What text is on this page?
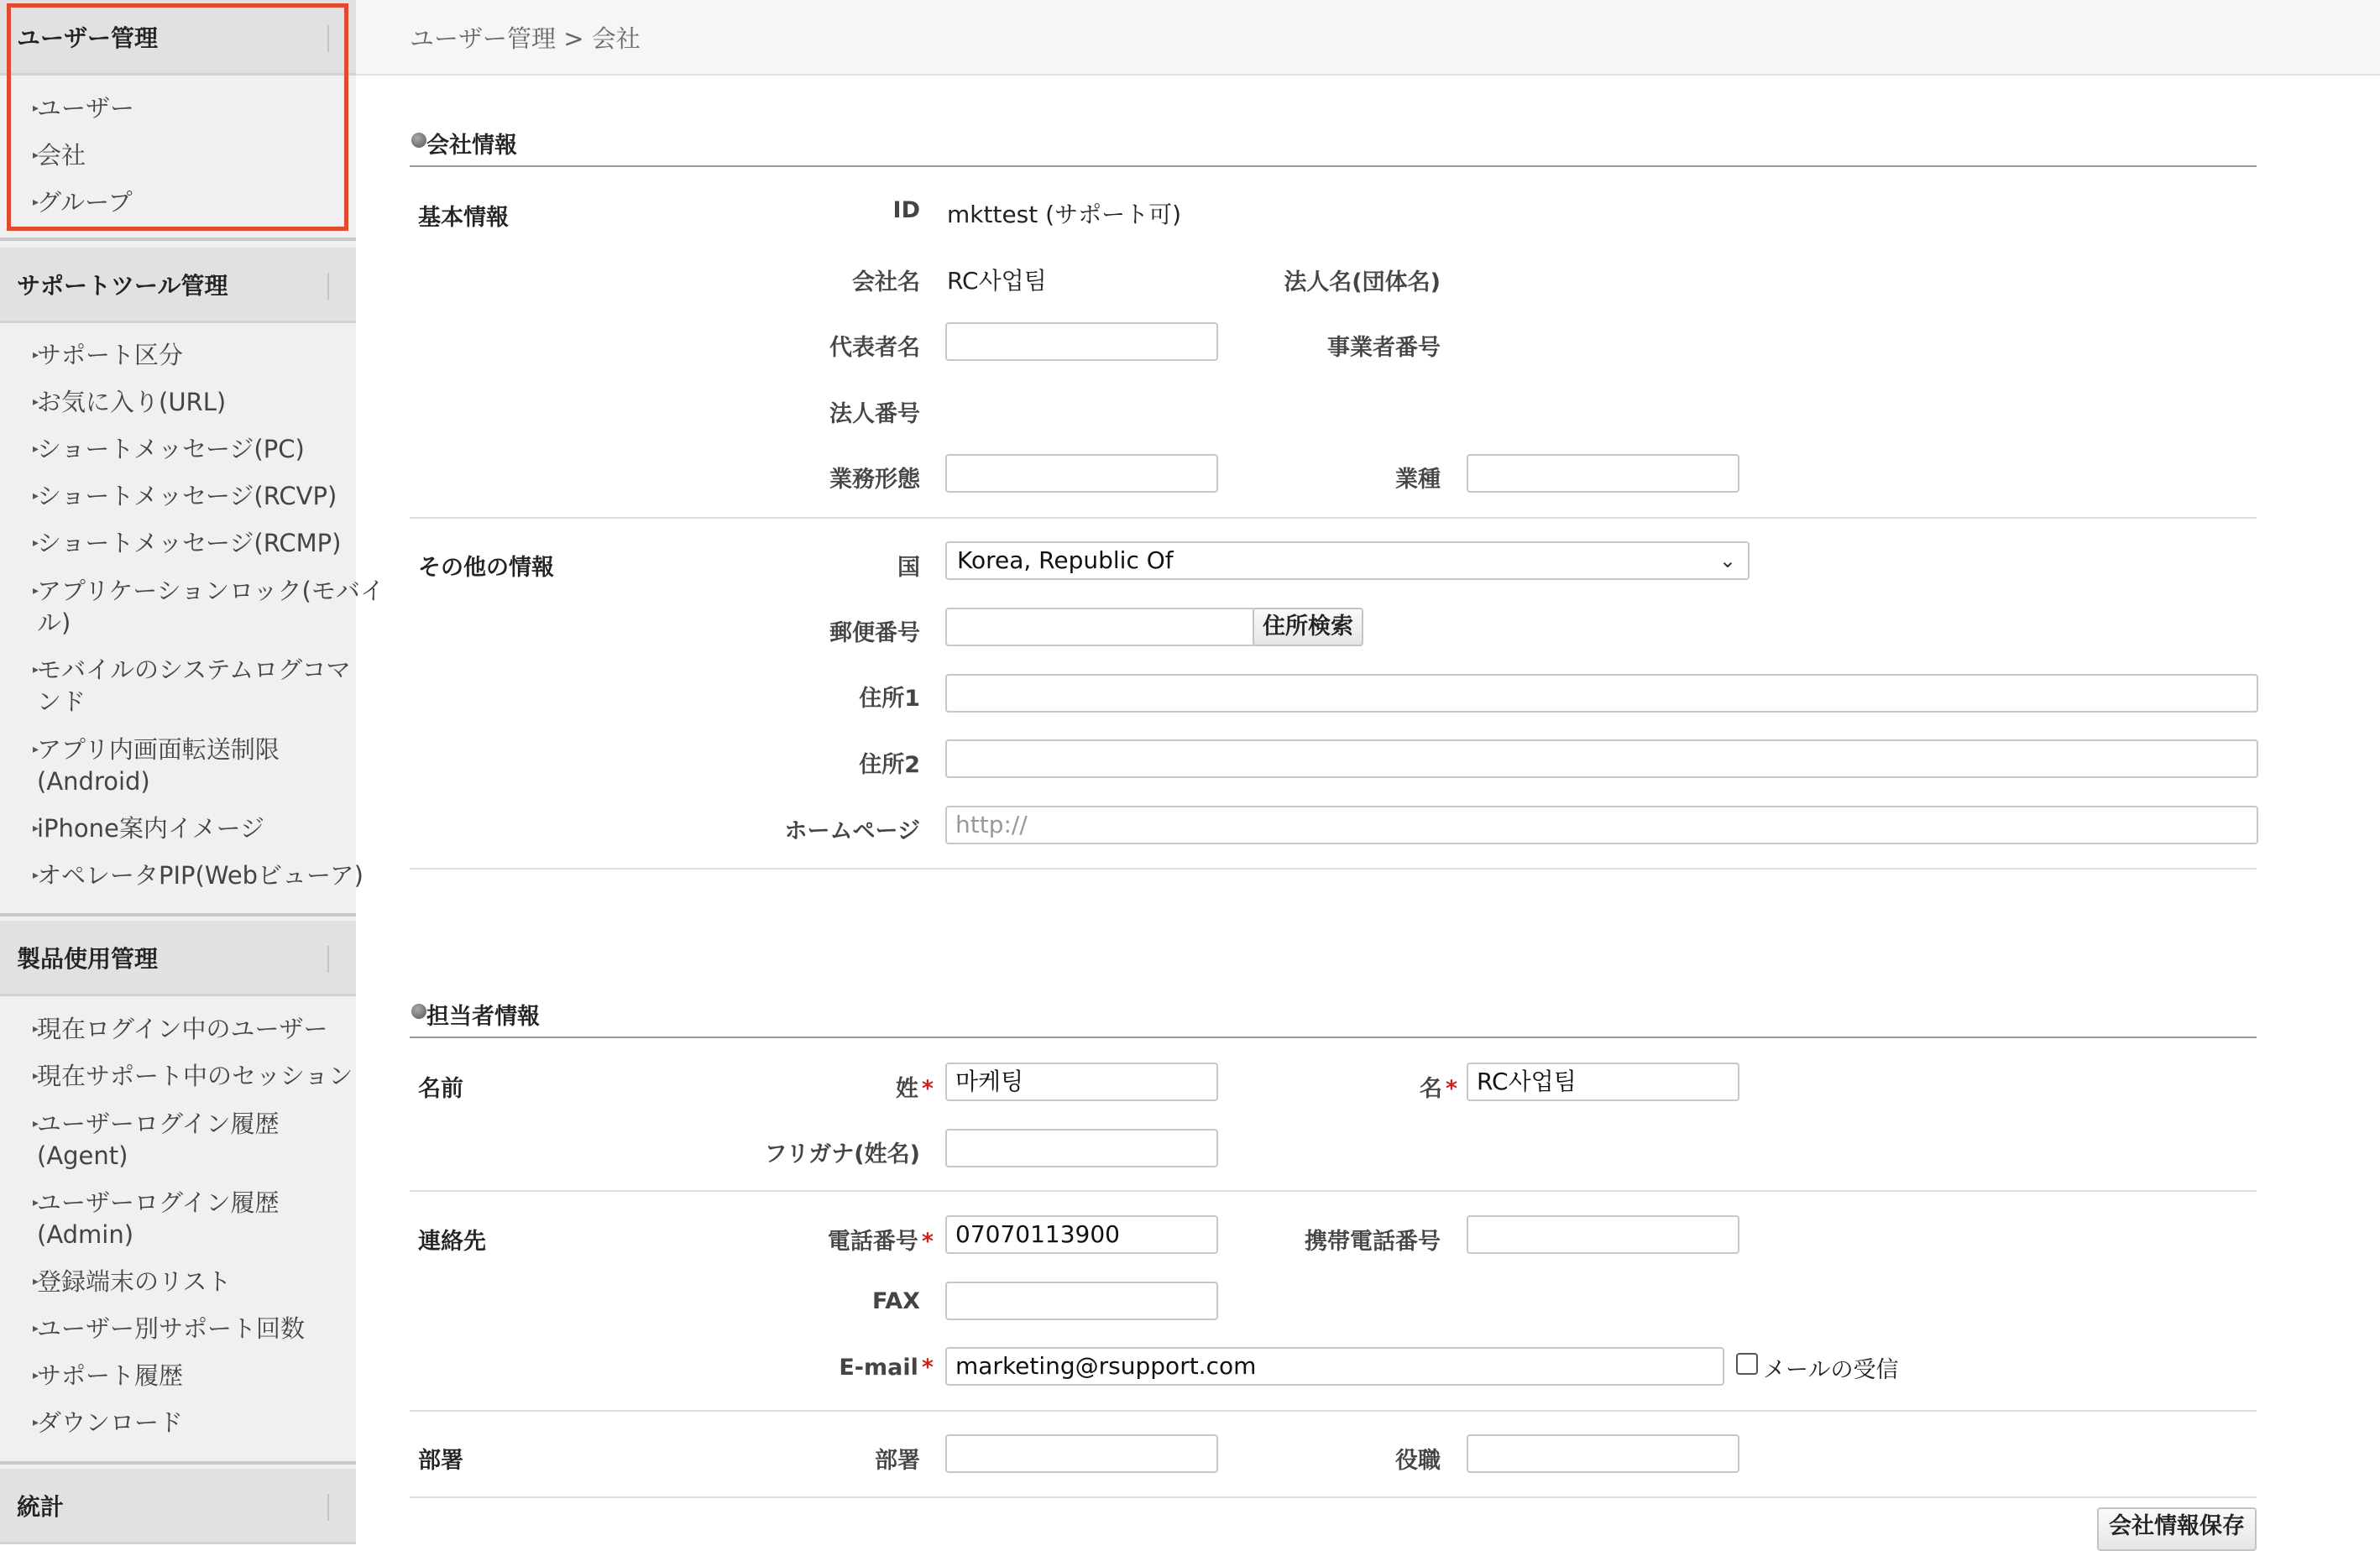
ユーザー管理
▸
ユーザー
▸
会社
▸
グループ
サポートツール管理
▸
サポート区分
▸
お気に入り(URL)
▸
ショートメッセージ(PC)
▸
ショートメッセージ(RCVP)
▸
ショートメッセージ(RCMP)
▸
アプリケーションロック(モバイ
ル)
▸
モバイルのシステムログコマ
ンド
▸
アプリ内画面転送制限
(Android)
▸
iPhone案内イメージ
▸
オペレータPIP(Webビューア)
製品使用管理
▸
現在ログイン中のユーザー
▸
現在サポート中のセッション
▸
ユーザーログイン履歴
(Agent)
▸
ユーザーログイン履歴
(Admin)
▸
登録端末のリスト
▸
ユーザー別サポート回数
▸
サポート履歴
▸
ダウンロード
統計
ユーザー管理 > 会社
会社情報
基本情報	ID mkttest (サポート可)
会社名 RC사업팀	法人名(団体名)
代表者名	事業者番号
法人番号
業務形態	業種
その他の情報	国	Korea, Republic Of	⌄
郵便番号	住所検索
住所1
住所2
ホームページ	http://
担当者情報
名前	姓 * 마케팅	名 * RC사업팀
フリガナ(姓名)
連絡先	電話番号 * 07070113900	携帯電話番号
FAX
E-mail * marketing@rsupport.com	メールの受信
部署	部署	役職
会社情報保存
